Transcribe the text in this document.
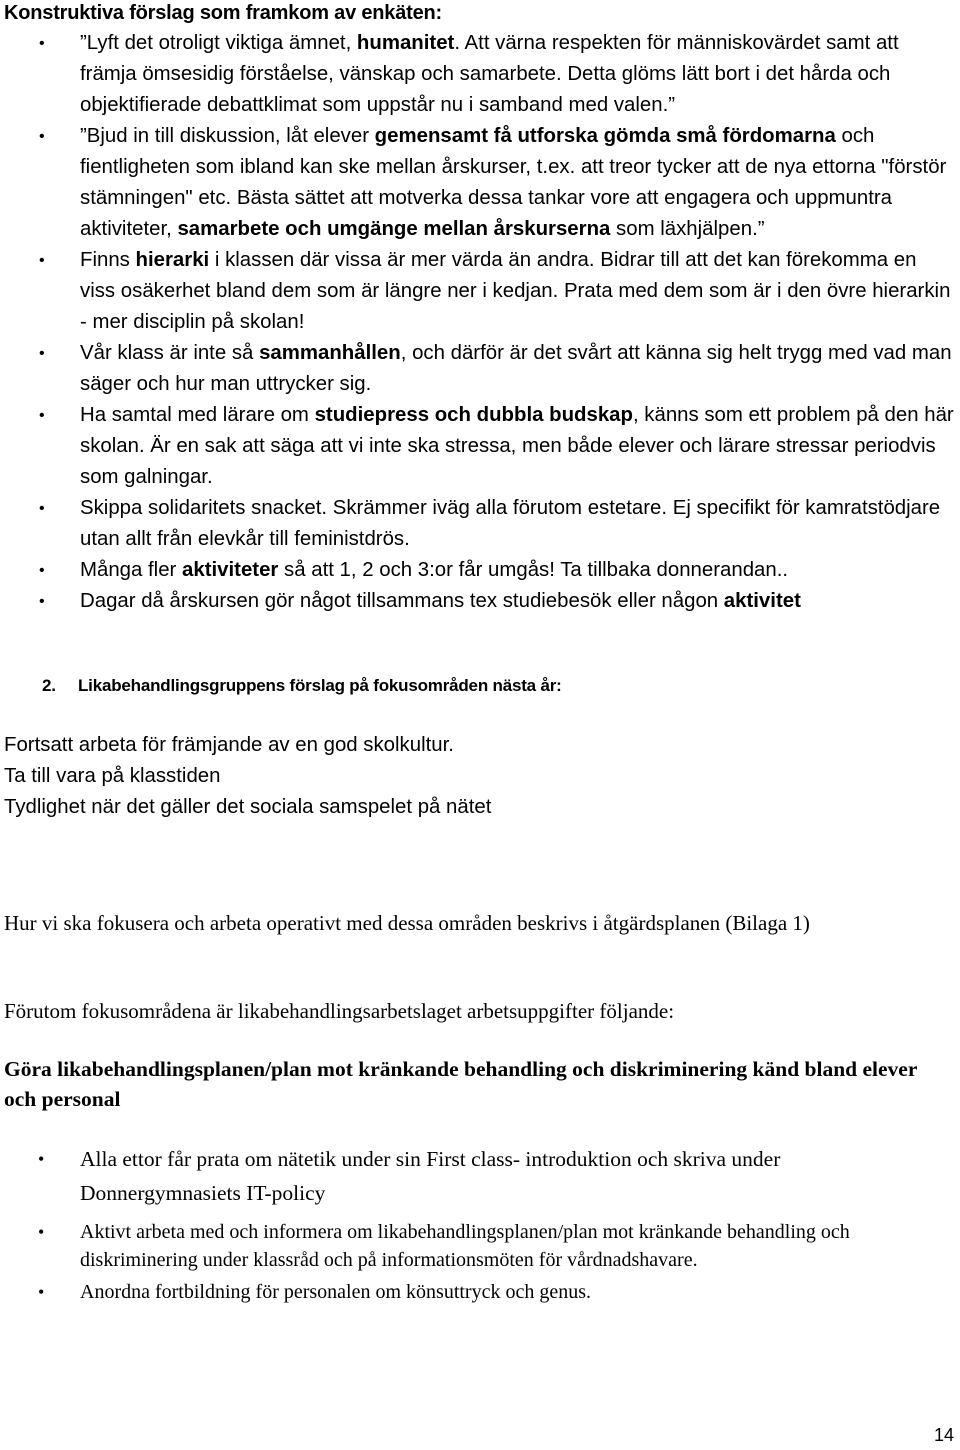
Konstruktiva förslag som framkom av enkäten:
• ”Lyft det otroligt viktiga ämnet, humanitet. Att värna respekten för människovärdet samt att främja ömsesidig förståelse, vänskap och samarbete. Detta glöms lätt bort i det hårda och objektifierade debattklimat som uppstår nu i samband med valen.”
• ”Bjud in till diskussion, låt elever gemensamt få utforska gömda små fördomarna och fientligheten som ibland kan ske mellan årskurser, t.ex. att treor tycker att de nya ettorna "förstör stämningen" etc. Bästa sättet att motverka dessa tankar vore att engagera och uppmuntra aktiviteter, samarbete och umgänge mellan årskurserna som läxhjälpen.”
• Finns hierarki i klassen där vissa är mer värda än andra. Bidrar till att det kan förekomma en viss osäkerhet bland dem som är längre ner i kedjan. Prata med dem som är i den övre hierarkin - mer disciplin på skolan!
• Vår klass är inte så sammanhållen, och därför är det svårt att känna sig helt trygg med vad man säger och hur man uttrycker sig.
• Ha samtal med lärare om studiepress och dubbla budskap, känns som ett problem på den här skolan. Är en sak att säga att vi inte ska stressa, men både elever och lärare stressar periodvis som galningar.
• Skippa solidaritets snacket. Skrämmer iväg alla förutom estetare. Ej specifikt för kamratstödjare utan allt från elevkår till feministdrös.
• Många fler aktiviteter så att 1, 2 och 3:or får umgås! Ta tillbaka donnerandan..
• Dagar då årskursen gör något tillsammans tex studiebesök eller någon aktivitet
2. Likabehandlingsgruppens förslag på fokusområden nästa år:
Fortsatt arbeta för främjande av en god skolkultur.
Ta till vara på klasstiden
Tydlighet när det gäller det sociala samspelet på nätet
Hur vi ska fokusera och arbeta operativt med dessa områden beskrivs i åtgärdsplanen (Bilaga 1)
Förutom fokusområdena är likabehandlingsarbetslaget arbetsuppgifter följande:
Göra likabehandlingsplanen/plan mot kränkande behandling och diskriminering känd bland elever och personal
• Alla ettor får prata om nätetik under sin First class- introduktion och skriva under Donnergymnasiets IT-policy
• Aktivt arbeta med och informera om likabehandlingsplanen/plan mot kränkande behandling och diskriminering under klassråd och på informationsmöten för vårdnadshavare.
• Anordna fortbildning för personalen om könsuttryck och genus.
14
